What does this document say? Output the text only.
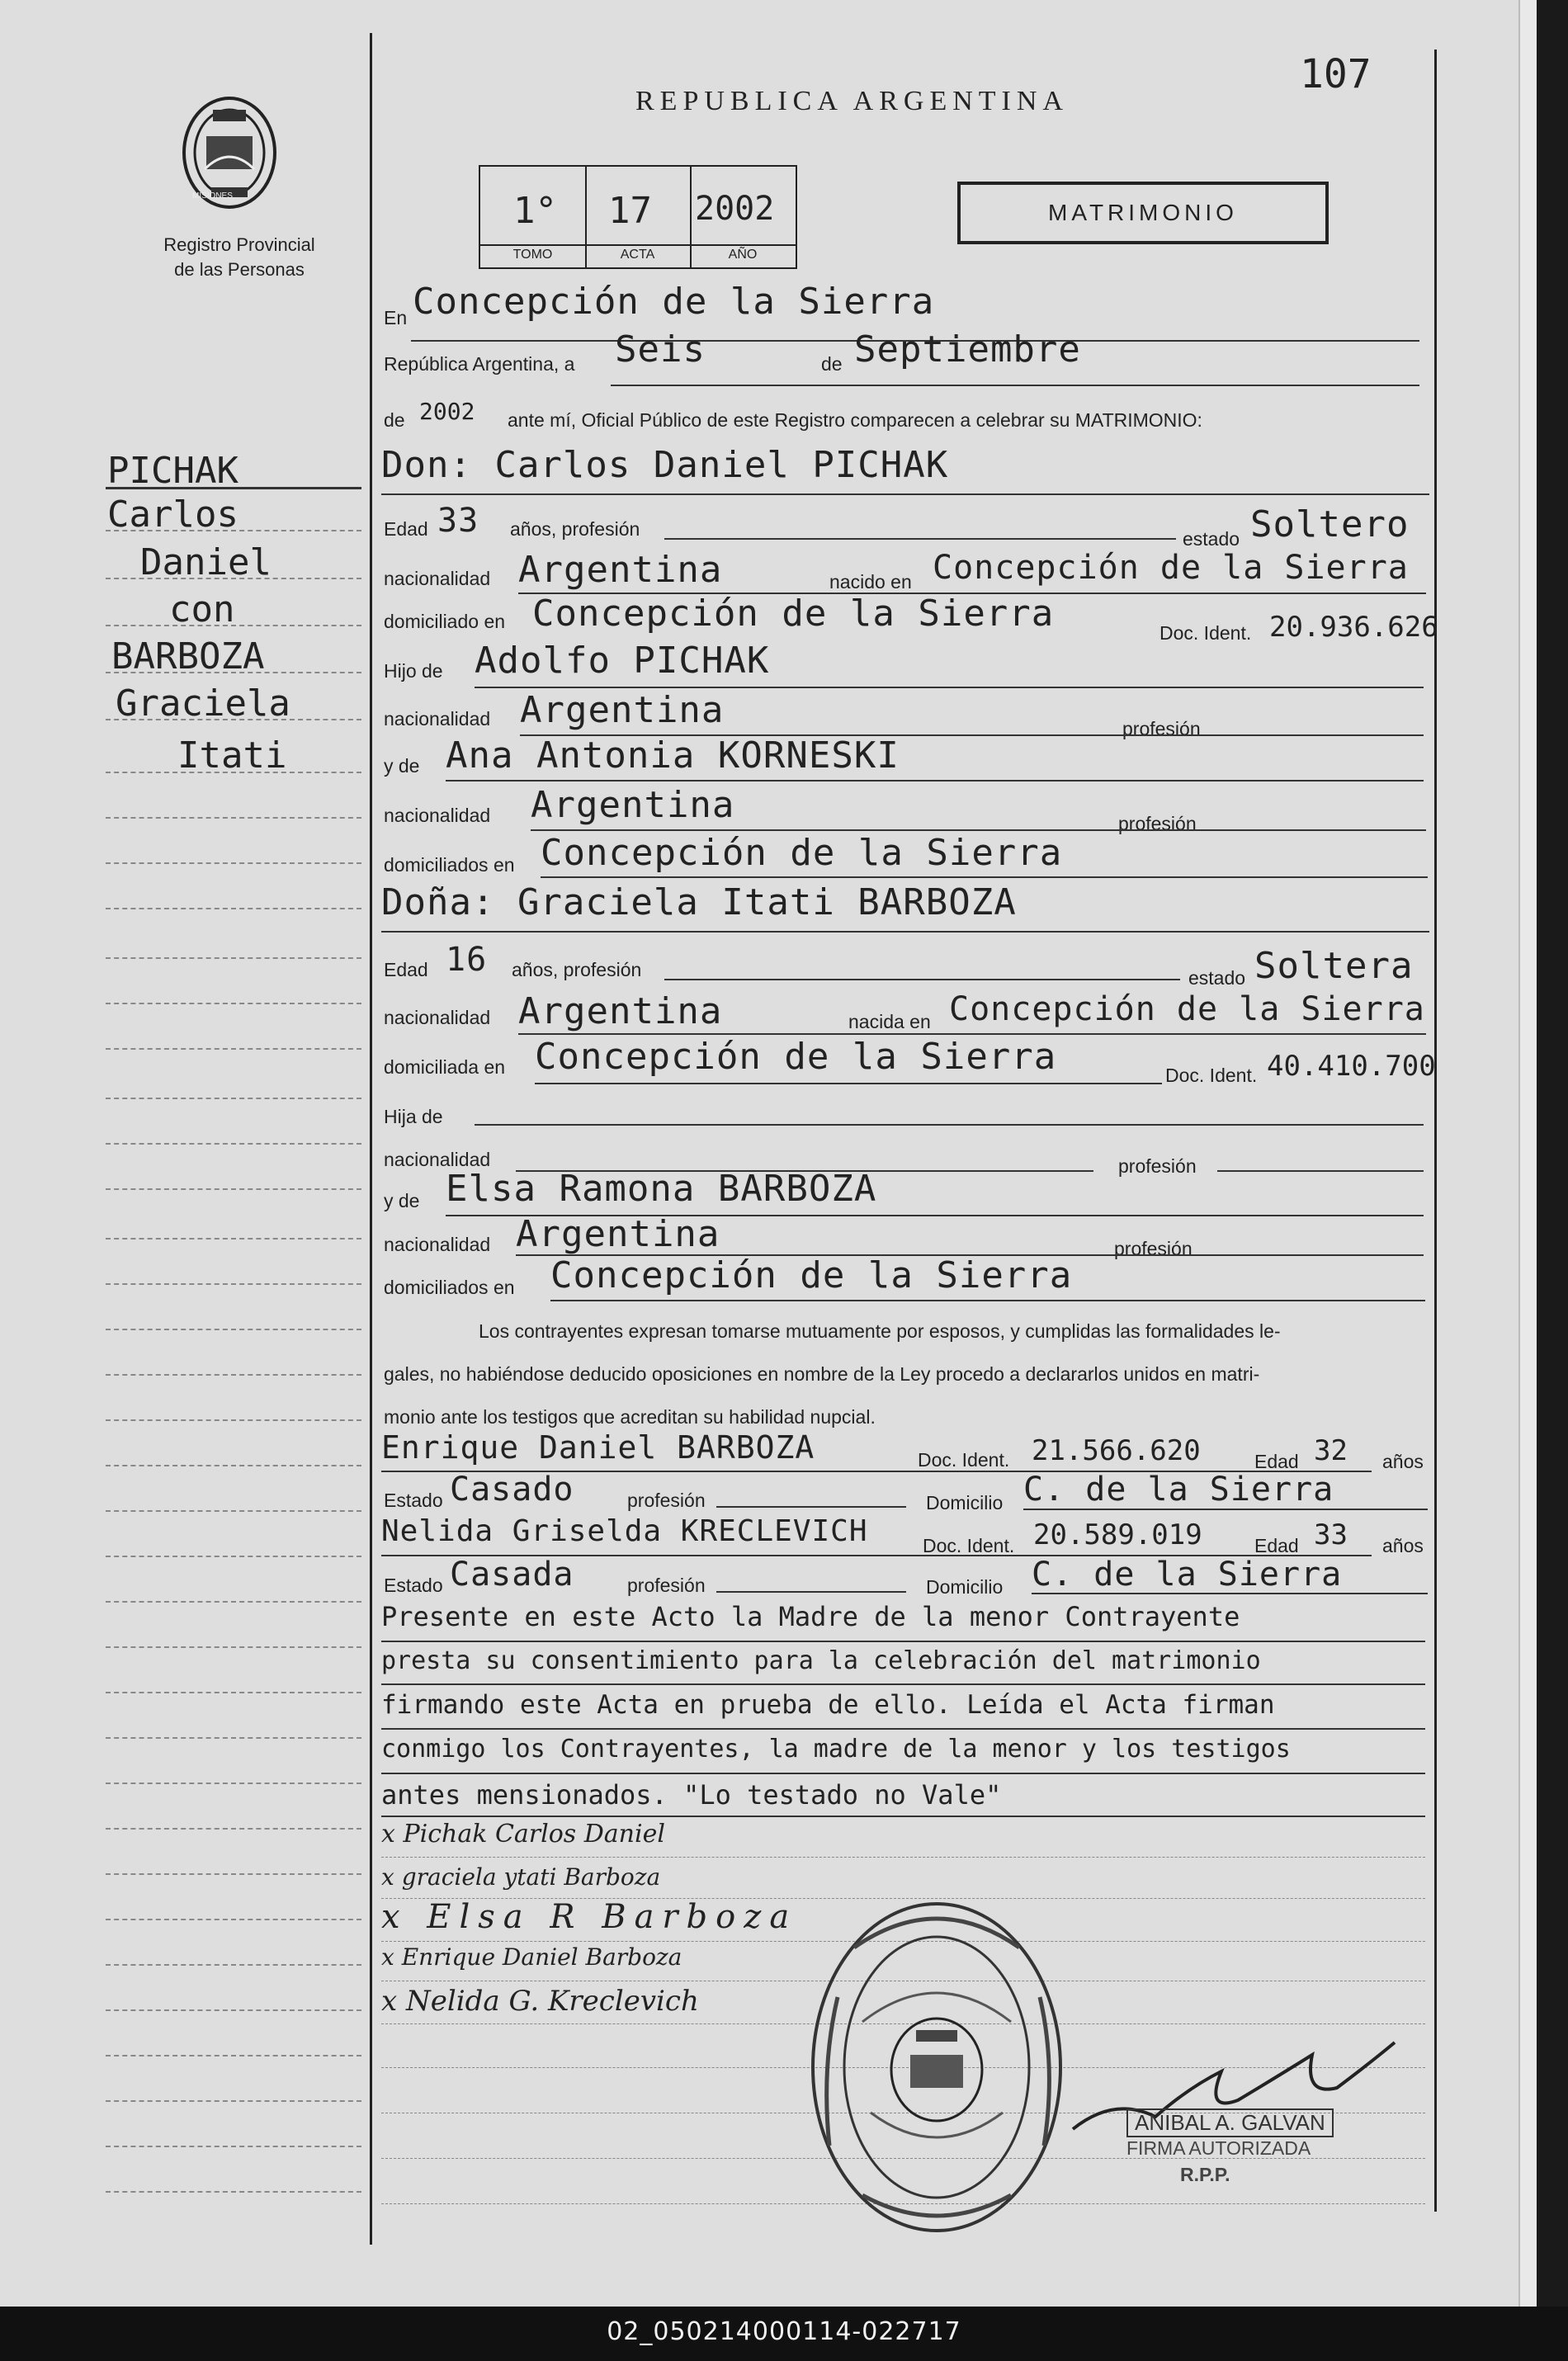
107
MISIONES
Registro Provincial
de las Personas
REPUBLICA ARGENTINA
1°
TOMO
17
ACTA
2002
AÑO
MATRIMONIO
PICHAK
Carlos
Daniel
con
BARBOZA
Graciela
Itati
En Concepción de la Sierra
República Argentina, a Seis	de Septiembre
de 2002 ante mí, Oficial Público de este Registro comparecen a celebrar su MATRIMONIO:
Don: Carlos Daniel PICHAK
Edad 33 años, profesión	estado Soltero
nacionalidad Argentina	nacido en Concepción de la Sierra
domiciliado en Concepción de la Sierra	Doc. Ident. 20.936.626
Hijo de Adolfo PICHAK
nacionalidad Argentina	profesión
y de Ana Antonia KORNESKI
nacionalidad Argentina	profesión
domiciliados en Concepción de la Sierra
Doña: Graciela Itati BARBOZA
Edad 16 años, profesión	estado Soltera
nacionalidad Argentina	nacida en Concepción de la Sierra
domiciliada en Concepción de la Sierra	Doc. Ident. 40.410.700
Hija de
nacionalidad	profesión
y de Elsa Ramona BARBOZA
nacionalidad Argentina	profesión
domiciliados en Concepción de la Sierra
Los contrayentes expresan tomarse mutuamente por esposos, y cumplidas las formalidades le-
gales, no habiéndose deducido oposiciones en nombre de la Ley procedo a declararlos unidos en matri-
monio ante los testigos que acreditan su habilidad nupcial.
Enrique Daniel BARBOZA	Doc. Ident. 21.566.620	Edad 32 años
Estado Casado	profesión	Domicilio C. de la Sierra
Nelida Griselda KRECLEVICH	Doc. Ident. 20.589.019	Edad 33 años
Estado Casada	profesión	Domicilio C. de la Sierra
Presente en este Acto la Madre de la menor Contrayente
presta su consentimiento para la celebración del matrimonio
firmando este Acta en prueba de ello. Leída el Acta firman
conmigo los Contrayentes, la madre de la menor y los testigos
antes mensionados. "Lo testado no Vale"
x Pichak Carlos Daniel
x graciela ytati Barboza
x Elsa R Barboza
x Enrique Daniel Barboza
x Nelida G. Kreclevich
ANIBAL A. GALVAN
FIRMA AUTORIZADA
R.P.P.
02_050214000114-022717
